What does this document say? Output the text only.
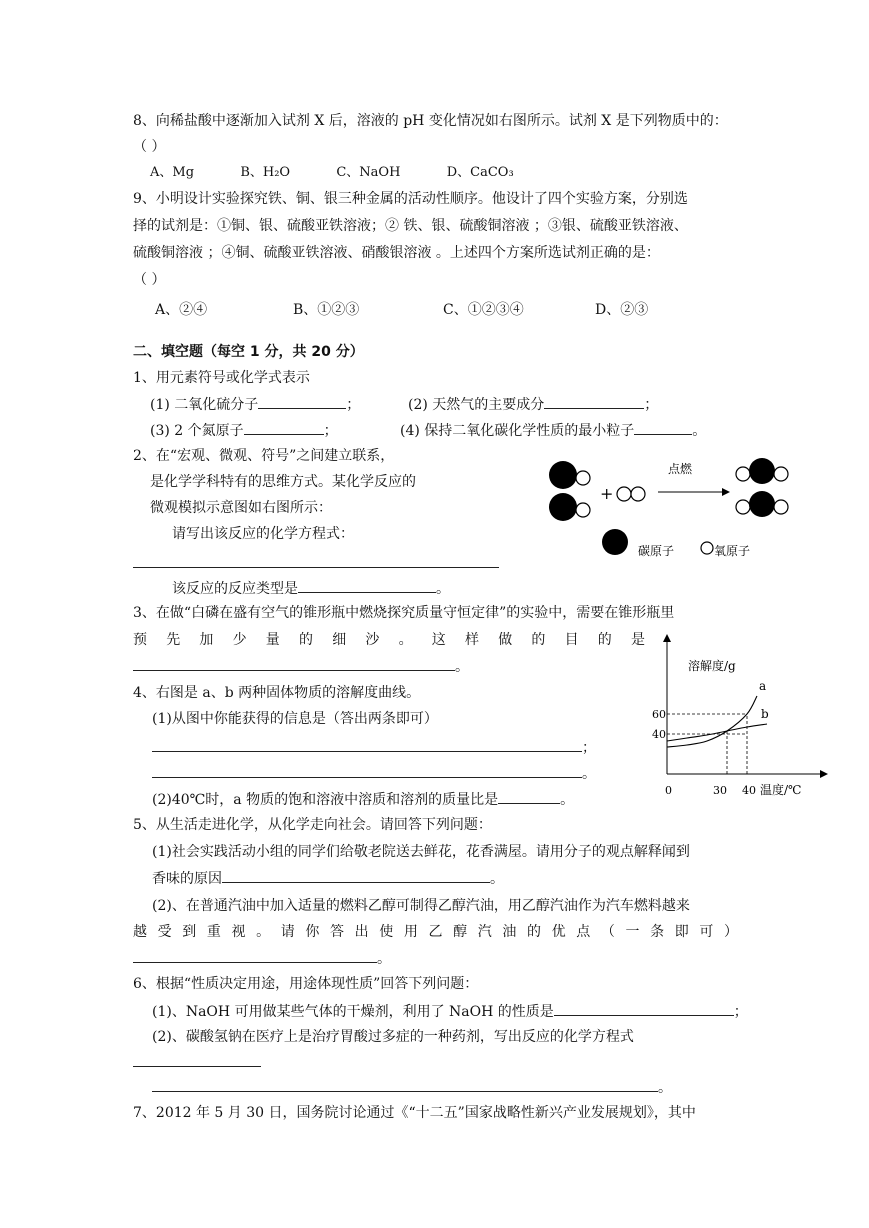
8、向稀盐酸中逐渐加入试剂 X 后，溶液的 pH 变化情况如右图所示。试剂 X 是下列物质中的：
（ ）
A、Mg	B、H₂O	C、NaOH	D、CaCO₃
9、小明设计实验探究铁、铜、银三种金属的活动性顺序。他设计了四个实验方案，分别选
择的试剂是：①铜、银、硫酸亚铁溶液；② 铁、银、硫酸铜溶液 ；③银、硫酸亚铁溶液、
硫酸铜溶液 ；④铜、硫酸亚铁溶液、硝酸银溶液 。上述四个方案所选试剂正确的是：
（ ）
A、②④	B、①②③	C、①②③④	D、②③
二、填空题（每空 1 分，共 20 分）
1、用元素符号或化学式表示
(1) 二氧化硫分子	；	(2) 天然气的主要成分	；
(3) 2 个氮原子	；	(4) 保持二氧化碳化学性质的最小粒子	。
2、在“宏观、微观、符号”之间建立联系，
是化学学科特有的思维方式。某化学反应的
微观模拟示意图如右图所示：
请写出该反应的化学方程式：
该反应的反应类型是	。
+
点燃
碳原子	氧原子
3、在做“白磷在盛有空气的锥形瓶中燃烧探究质量守恒定律”的实验中，需要在锥形瓶里
预先加少量的细沙。这样做的目的是
。
4、右图是 a、b 两种固体物质的溶解度曲线。
(1)从图中你能获得的信息是（答出两条即可）
；
。
(2)40℃时，a 物质的饱和溶液中溶质和溶剂的质量比是	。
溶解度/g
温度/℃
40
60
0	30 40
a
b
5、从生活走进化学，从化学走向社会。请回答下列问题：
(1)社会实践活动小组的同学们给敬老院送去鲜花，花香满屋。请用分子的观点解释闻到
香味的原因	。
(2)、在普通汽油中加入适量的燃料乙醇可制得乙醇汽油，用乙醇汽油作为汽车燃料越来
越受到重视。请你答出使用乙醇汽油的优点（一条即可）
。
6、根据“性质决定用途，用途体现性质”回答下列问题：
(1)、NaOH 可用做某些气体的干燥剂，利用了 NaOH 的性质是	；
(2)、碳酸氢钠在医疗上是治疗胃酸过多症的一种药剂，写出反应的化学方程式
。
7、2012 年 5 月 30 日，国务院讨论通过《“十二五”国家战略性新兴产业发展规划》，其中
